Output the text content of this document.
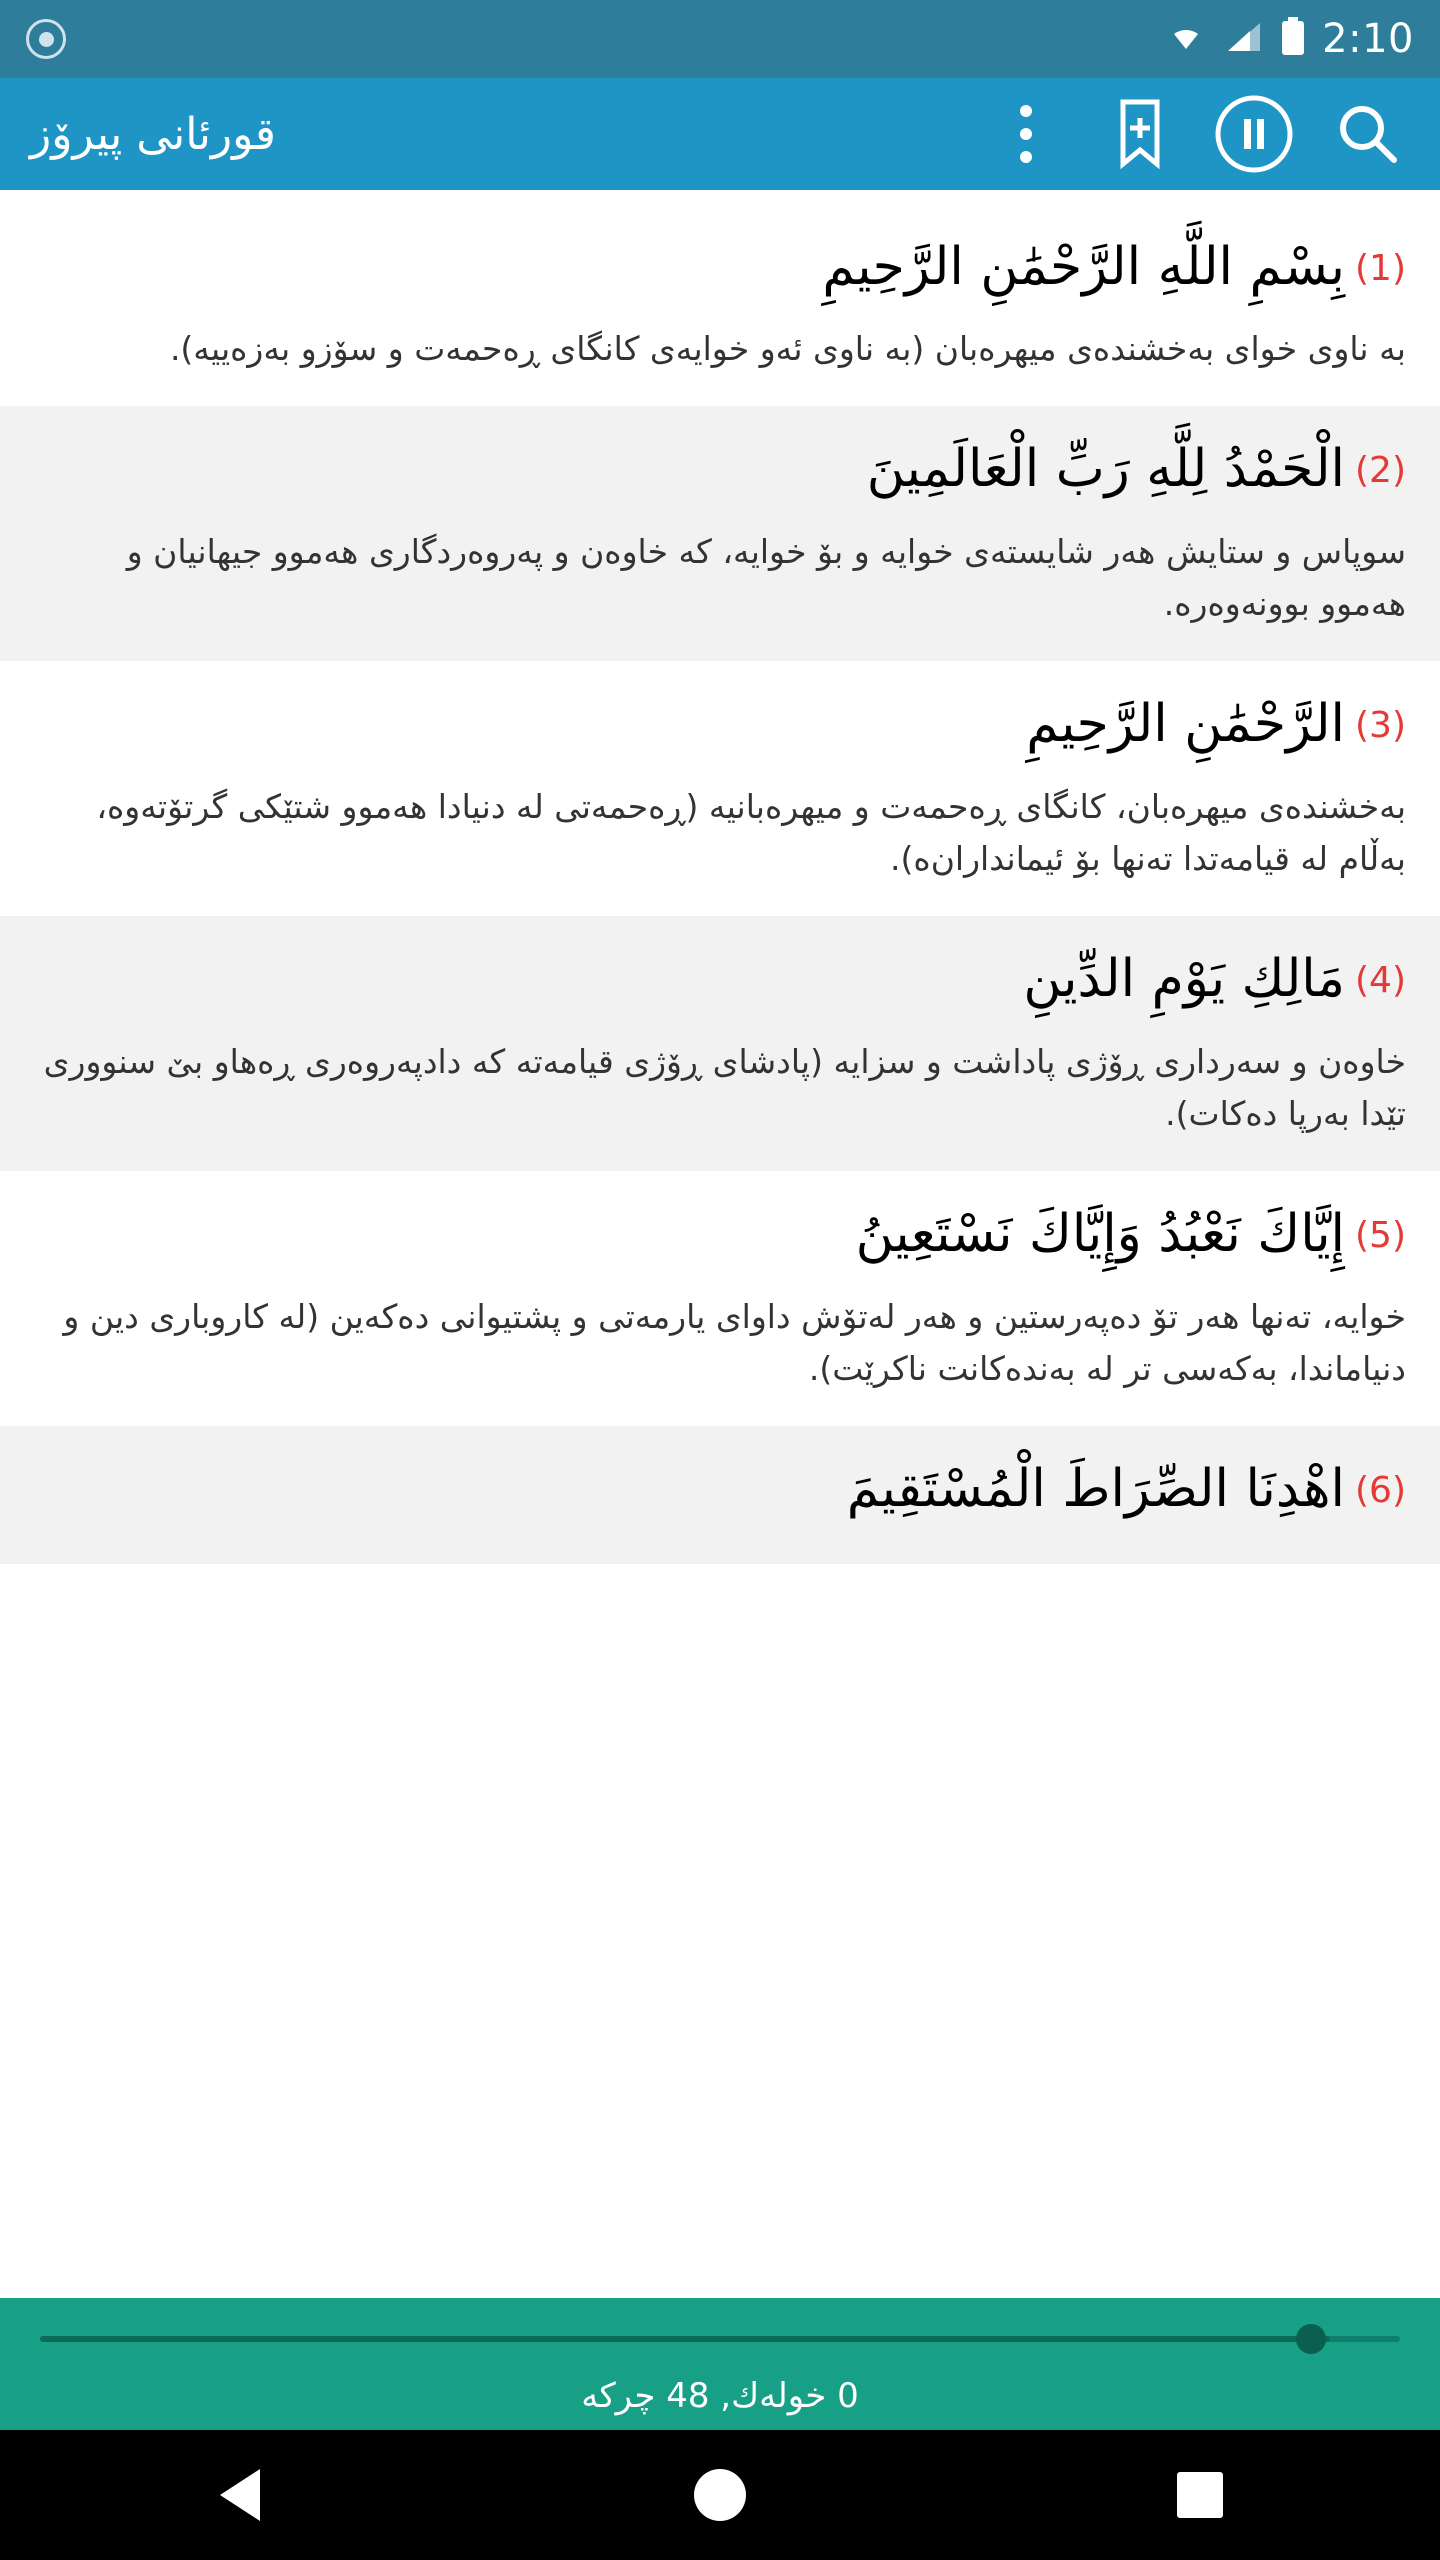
2:10
قورئانی پیرۆز
(1)بِسْمِ اللَّهِ الرَّحْمَٰنِ الرَّحِيمِ
به‌ ناوی خوای به‌خشنده‌ی میهره‌بان (به‌ ناوی ئه‌و خوایه‌ی کانگای ڕه‌حمه‌ت و سۆزو به‌زه‌ییه‌).
(2)الْحَمْدُ لِلَّهِ رَبِّ الْعَالَمِينَ
سوپاس و ستایش هه‌ر شایسته‌ی خوایه‌ و بۆ خوایه‌، که‌ خاوه‌ن و په‌روه‌ردگاری هه‌موو جیهانیان و هه‌موو بوونه‌وه‌ره‌.
(3)الرَّحْمَٰنِ الرَّحِيمِ
به‌خشنده‌ی میهره‌بان، کانگای ڕه‌حمه‌ت و میهره‌بانیه‌ (ڕه‌حمه‌تی له‌ دنیادا هه‌موو شتێکی گرتۆته‌وه‌، به‌ڵام له‌ قیامه‌تدا ته‌نها بۆ ئیمانداران‌ه‌).
(4)مَالِكِ يَوْمِ الدِّينِ
خاوه‌ن و سه‌رداری ڕۆژی پاداشت و سزایه‌ (پادشای ڕۆژی قیامه‌ته‌ که‌ دادپه‌روه‌ری ڕه‌هاو بێ سنووری تێدا به‌رپا ده‌کات).
(5)إِيَّاكَ نَعْبُدُ وَإِيَّاكَ نَسْتَعِينُ
خوایه‌، ته‌نها هه‌ر تۆ ده‌په‌رستین و هه‌ر له‌تۆش داوای یارمه‌تی و پشتیوانی ده‌که‌ین (له‌ کاروباری دین و دنیاماندا، به‌که‌سی تر له‌ به‌نده‌کانت ناکرێت).
(6)اهْدِنَا الصِّرَاطَ الْمُسْتَقِيمَ
0 خولەك, 48 چركە
